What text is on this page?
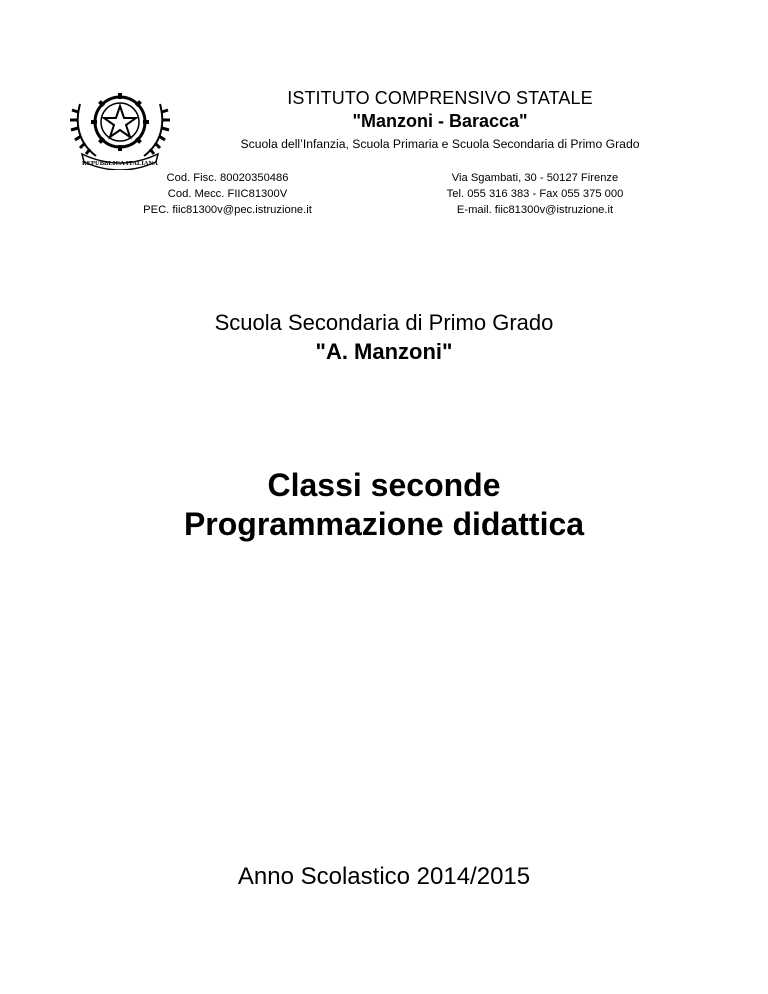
REPUBBLICA ITALIANA
ISTITUTO COMPRENSIVO STATALE
"Manzoni - Baracca"
Scuola dell’Infanzia, Scuola Primaria e Scuola Secondaria di Primo Grado
Cod. Fisc. 80020350486
Cod. Mecc. FIIC81300V
PEC. fiic81300v@pec.istruzione.it
Via Sgambati, 30 - 50127 Firenze
Tel. 055 316 383 - Fax 055 375 000
E-mail. fiic81300v@istruzione.it
Scuola Secondaria di Primo Grado
"A. Manzoni"
Classi seconde
Programmazione didattica
Anno Scolastico 2014/2015
